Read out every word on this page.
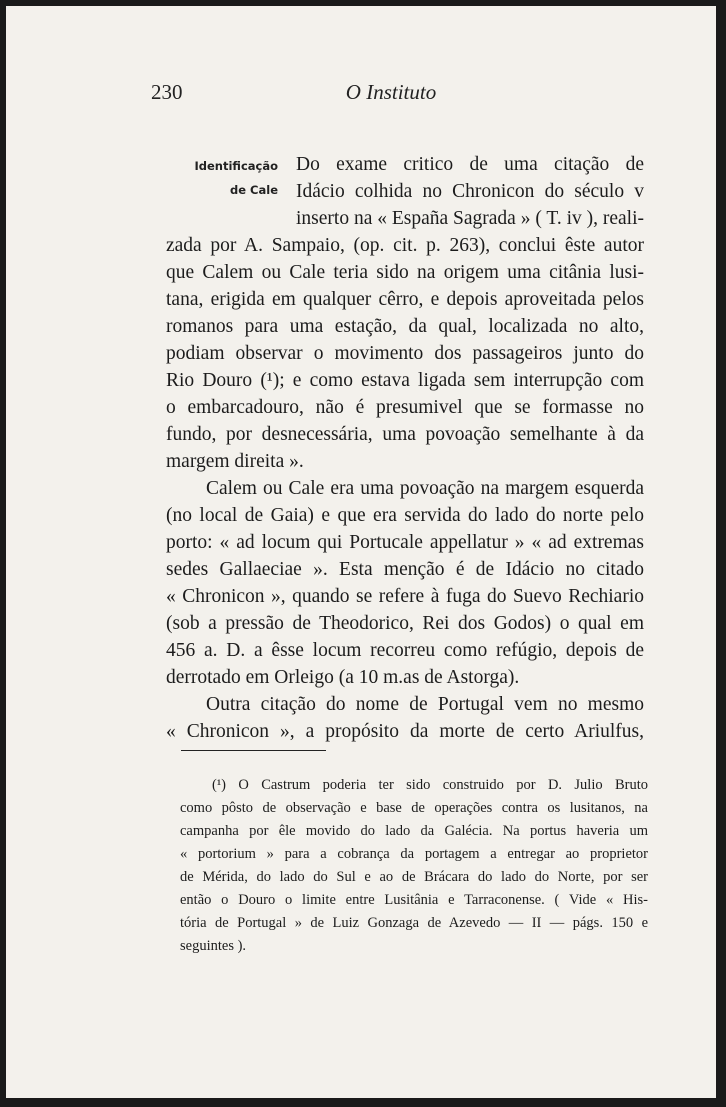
230	O Instituto
Identificação
de Cale
Do exame critico de uma citação de
Idácio colhida no Chronicon do século v
inserto na « España Sagrada » ( T. iv ), reali-
zada por A. Sampaio, (op. cit. p. 263), conclui êste autor
que Calem ou Cale teria sido na origem uma citânia lusi-
tana, erigida em qualquer cêrro, e depois aproveitada pelos
romanos para uma estação, da qual, localizada no alto,
podiam observar o movimento dos passageiros junto do
Rio Douro (¹); e como estava ligada sem interrupção com
o embarcadouro, não é presumivel que se formasse no
fundo, por desnecessária, uma povoação semelhante à da
margem direita ».
Calem ou Cale era uma povoação na margem esquerda
(no local de Gaia) e que era servida do lado do norte pelo
porto: « ad locum qui Portucale appellatur » « ad extremas
sedes Gallaeciae ». Esta menção é de Idácio no citado
« Chronicon », quando se refere à fuga do Suevo Rechiario
(sob a pressão de Theodorico, Rei dos Godos) o qual em
456 a. D. a êsse locum recorreu como refúgio, depois de
derrotado em Orleigo (a 10 m.as de Astorga).
Outra citação do nome de Portugal vem no mesmo
« Chronicon », a propósito da morte de certo Ariulfus,
(¹) O Castrum poderia ter sido construido por D. Julio Bruto
como pôsto de observação e base de operações contra os lusitanos, na
campanha por êle movido do lado da Galécia. Na portus haveria um
« portorium » para a cobrança da portagem a entregar ao proprietor
de Mérida, do lado do Sul e ao de Brácara do lado do Norte, por ser
então o Douro o limite entre Lusitânia e Tarraconense. ( Vide « His-
tória de Portugal » de Luiz Gonzaga de Azevedo — II — págs. 150 e
seguintes ).
